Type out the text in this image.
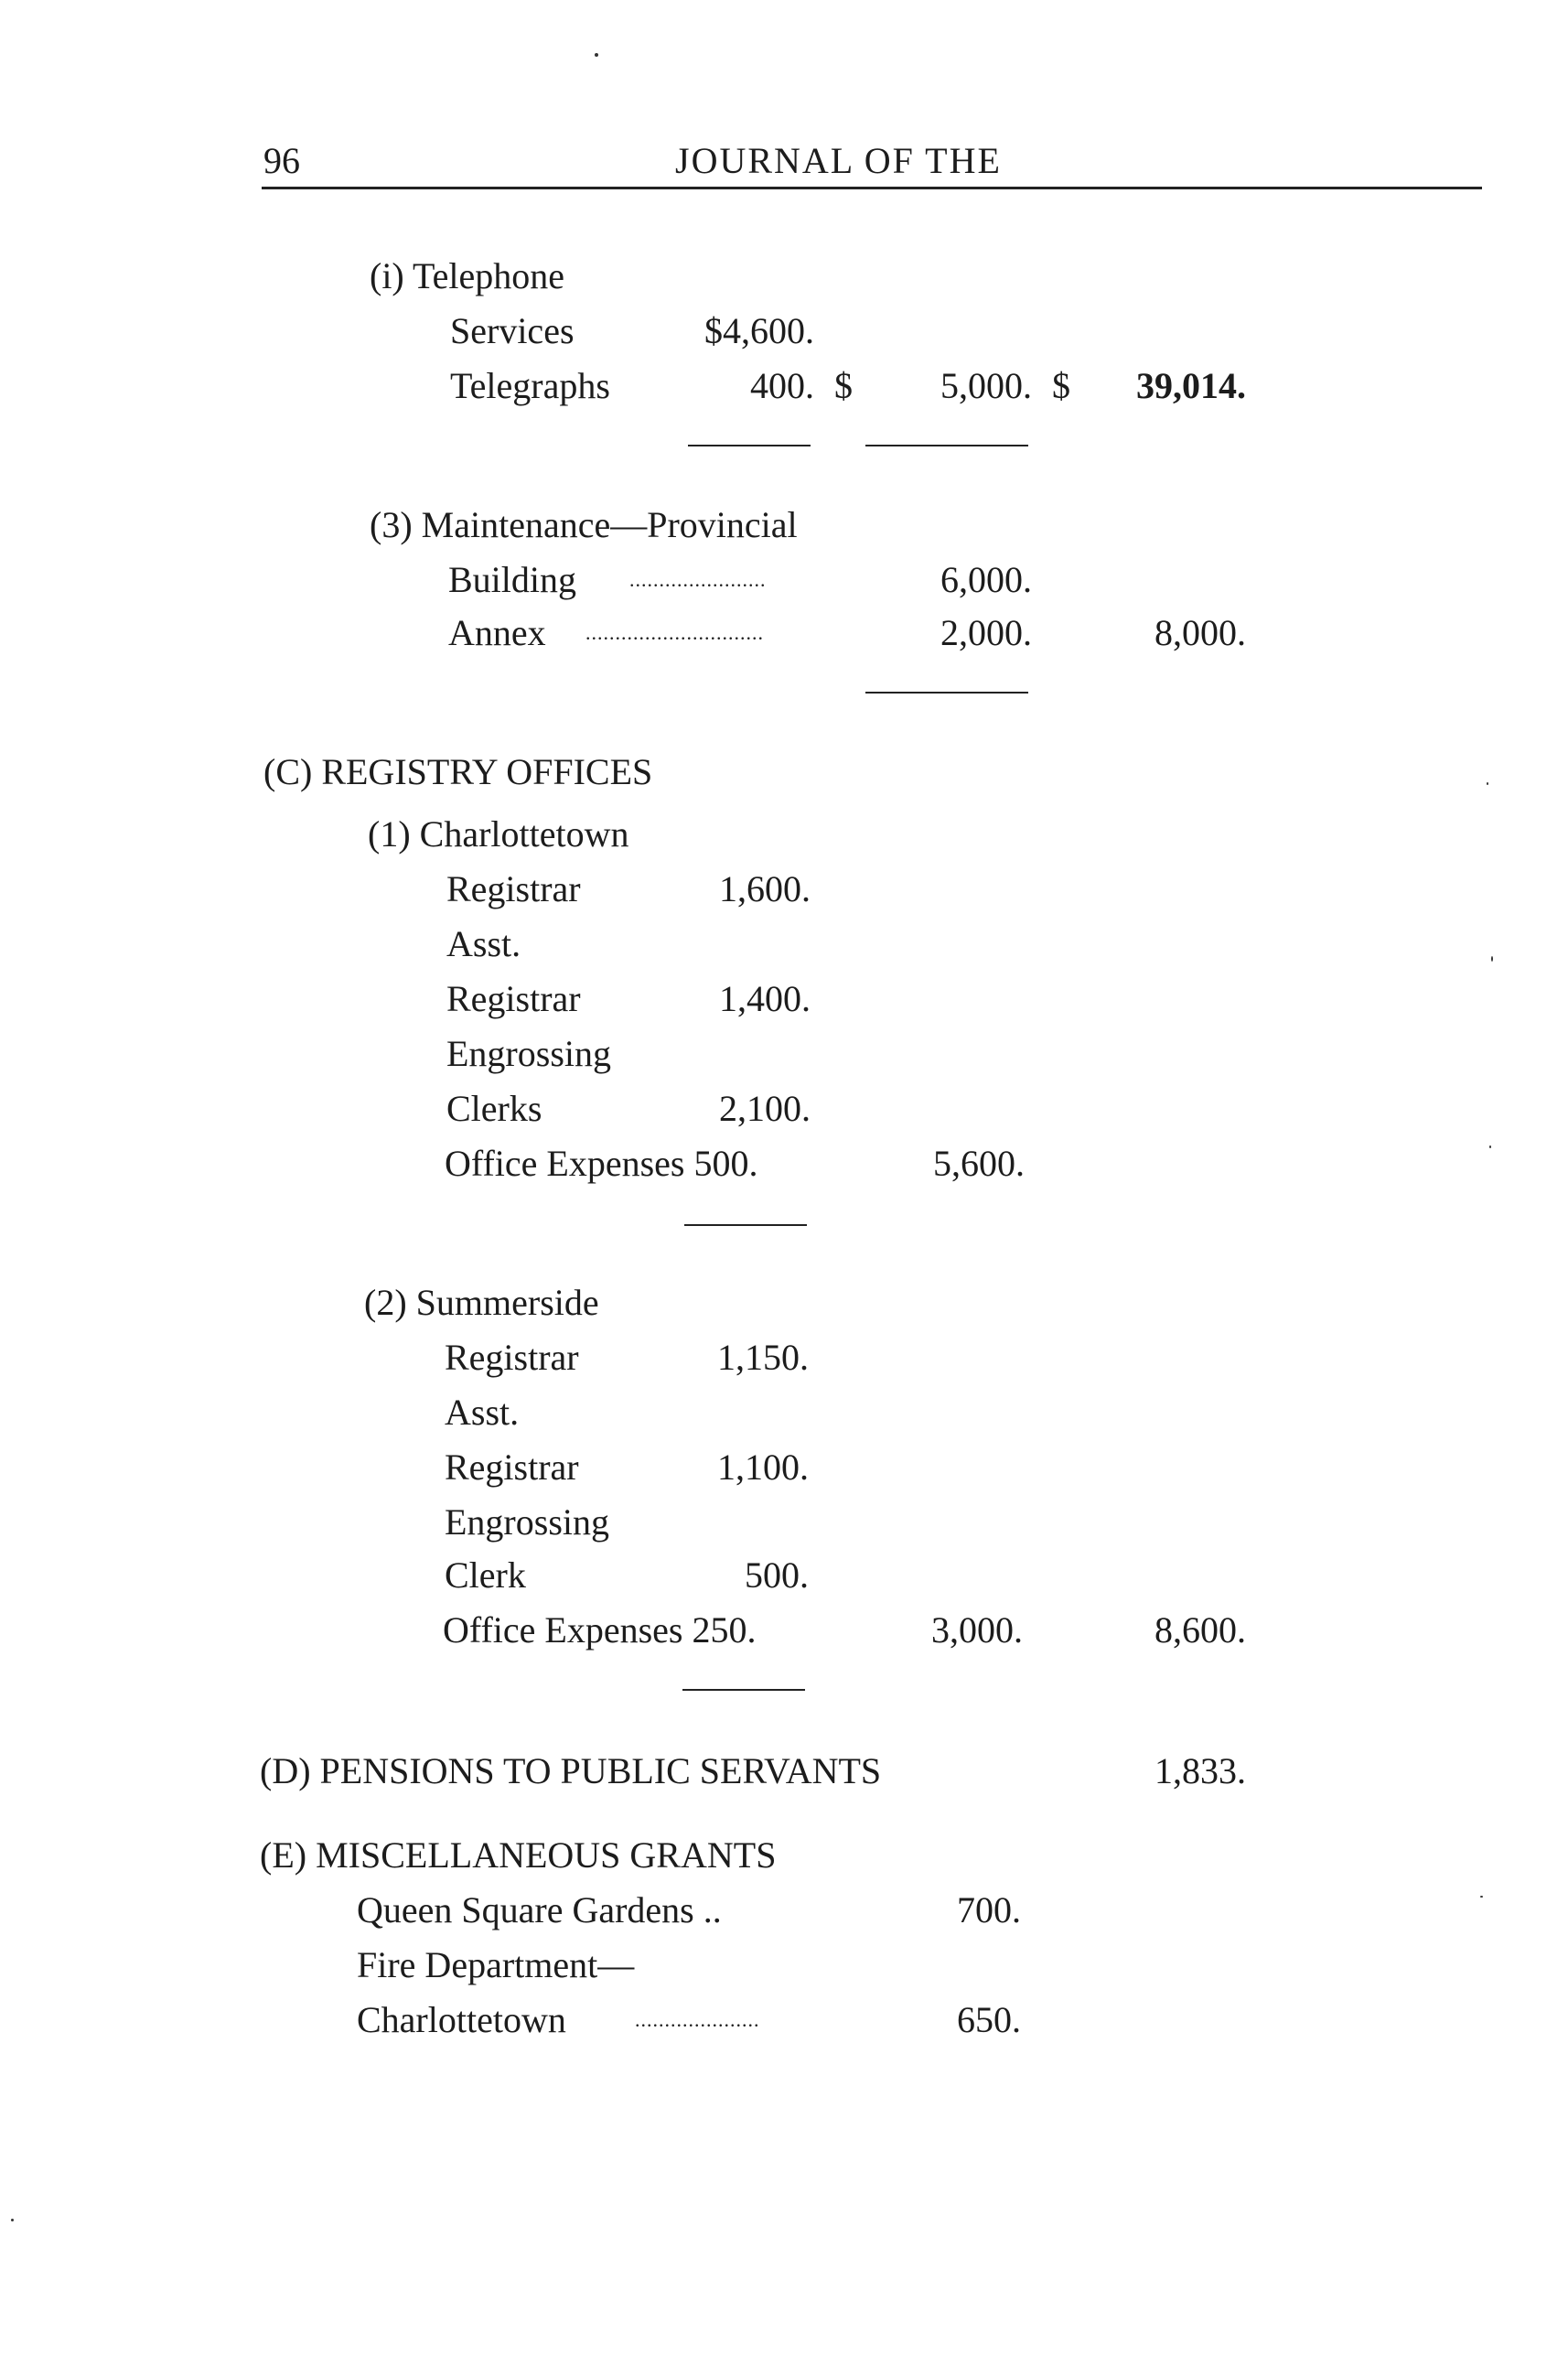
96	JOURNAL OF THE
(i) Telephone
Services	$4,600.
Telegraphs	400. $	5,000. $	39,014.
(3) Maintenance—Provincial
Building	.......................	6,000.
Annex ..............................	2,000.	8,000.
(C) REGISTRY OFFICES
(1) Charlottetown
Registrar	1,600.
Asst.
Registrar	1,400.
Engrossing
Clerks	2,100.
Office Expenses 500.	5,600.
(2) Summerside
Registrar	1,150.
Asst.
Registrar	1,100.
Engrossing
Clerk	500.
Office Expenses 250.	3,000.	8,600.
(D) PENSIONS TO PUBLIC SERVANTS	1,833.
(E) MISCELLANEOUS GRANTS
Queen Square Gardens ..	700.
Fire Department—
Charlottetown	.....................	650.
